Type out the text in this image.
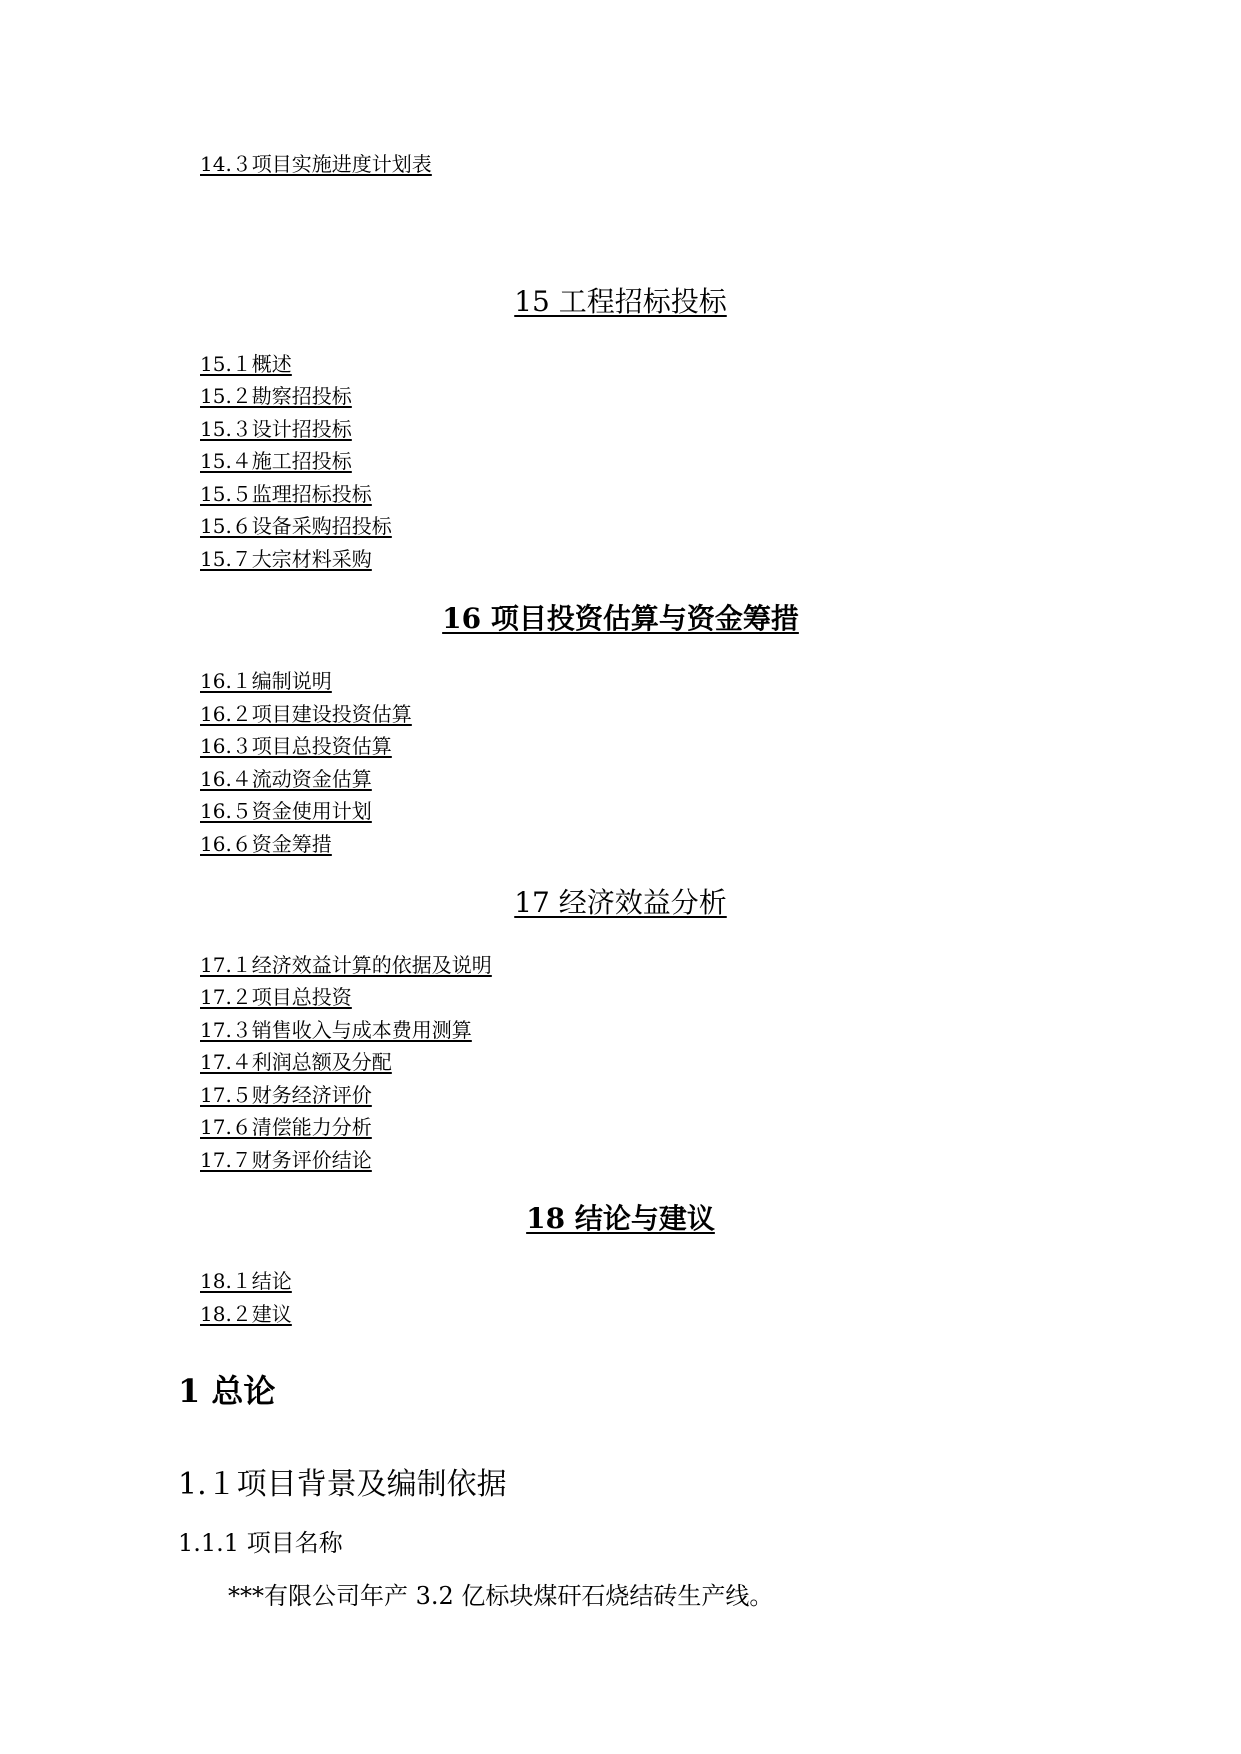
14.３项目实施进度计划表
15 工程招标投标
15.１概述
15.２勘察招投标
15.３设计招投标
15.４施工招投标
15.５监理招标投标
15.６设备采购招投标
15.７大宗材料采购
16 项目投资估算与资金筹措
16.１编制说明
16.２项目建设投资估算
16.３项目总投资估算
16.４流动资金估算
16.５资金使用计划
16.６资金筹措
17 经济效益分析
17.１经济效益计算的依据及说明
17.２项目总投资
17.３销售收入与成本费用测算
17.４利润总额及分配
17.５财务经济评价
17.６清偿能力分析
17.７财务评价结论
18 结论与建议
18.１结论
18.２建议
1 总论
1.１项目背景及编制依据
1.1.1 项目名称
***有限公司年产 3.2 亿标块煤矸石烧结砖生产线。
